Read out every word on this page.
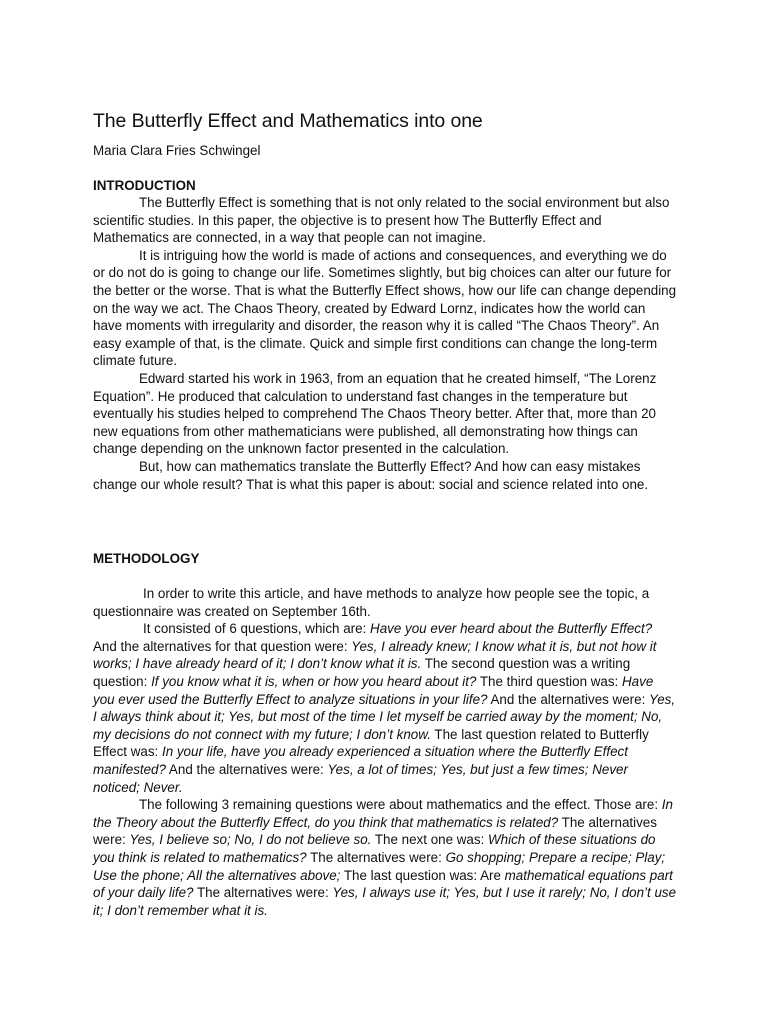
The Butterfly Effect and Mathematics into one
Maria Clara Fries Schwingel
INTRODUCTION

The Butterfly Effect is something that is not only related to the social environment but also scientific studies. In this paper, the objective is to present how The Butterfly Effect and Mathematics are connected, in a way that people can not imagine.

It is intriguing how the world is made of actions and consequences, and everything we do or do not do is going to change our life. Sometimes slightly, but big choices can alter our future for the better or the worse. That is what the Butterfly Effect shows, how our life can change depending on the way we act. The Chaos Theory, created by Edward Lornz, indicates how the world can have moments with irregularity and disorder, the reason why it is called “The Chaos Theory”. An easy example of that, is the climate. Quick and simple first conditions can change the long-term climate future.

Edward started his work in 1963, from an equation that he created himself, “The Lorenz Equation”. He produced that calculation to understand fast changes in the temperature but eventually his studies helped to comprehend The Chaos Theory better. After that, more than 20 new equations from other mathematicians were published, all demonstrating how things can change depending on the unknown factor presented in the calculation.

But, how can mathematics translate the Butterfly Effect? And how can easy mistakes change our whole result? That is what this paper is about: social and science related into one.

METHODOLOGY

In order to write this article, and have methods to analyze how people see the topic, a questionnaire was created on September 16th.

It consisted of 6 questions, which are: Have you ever heard about the Butterfly Effect? And the alternatives for that question were: Yes, I already knew; I know what it is, but not how it works; I have already heard of it; I don’t know what it is. The second question was a writing question: If you know what it is, when or how you heard about it? The third question was: Have you ever used the Butterfly Effect to analyze situations in your life? And the alternatives were: Yes, I always think about it; Yes, but most of the time I let myself be carried away by the moment; No, my decisions do not connect with my future; I don’t know. The last question related to Butterfly Effect was: In your life, have you already experienced a situation where the Butterfly Effect manifested? And the alternatives were: Yes, a lot of times; Yes, but just a few times; Never noticed; Never.

The following 3 remaining questions were about mathematics and the effect. Those are: In the Theory about the Butterfly Effect, do you think that mathematics is related? The alternatives were: Yes, I believe so; No, I do not believe so. The next one was: Which of these situations do you think is related to mathematics? The alternatives were: Go shopping; Prepare a recipe; Play; Use the phone; All the alternatives above; The last question was: Are mathematical equations part of your daily life? The alternatives were: Yes, I always use it; Yes, but I use it rarely; No, I don’t use it; I don’t remember what it is.
